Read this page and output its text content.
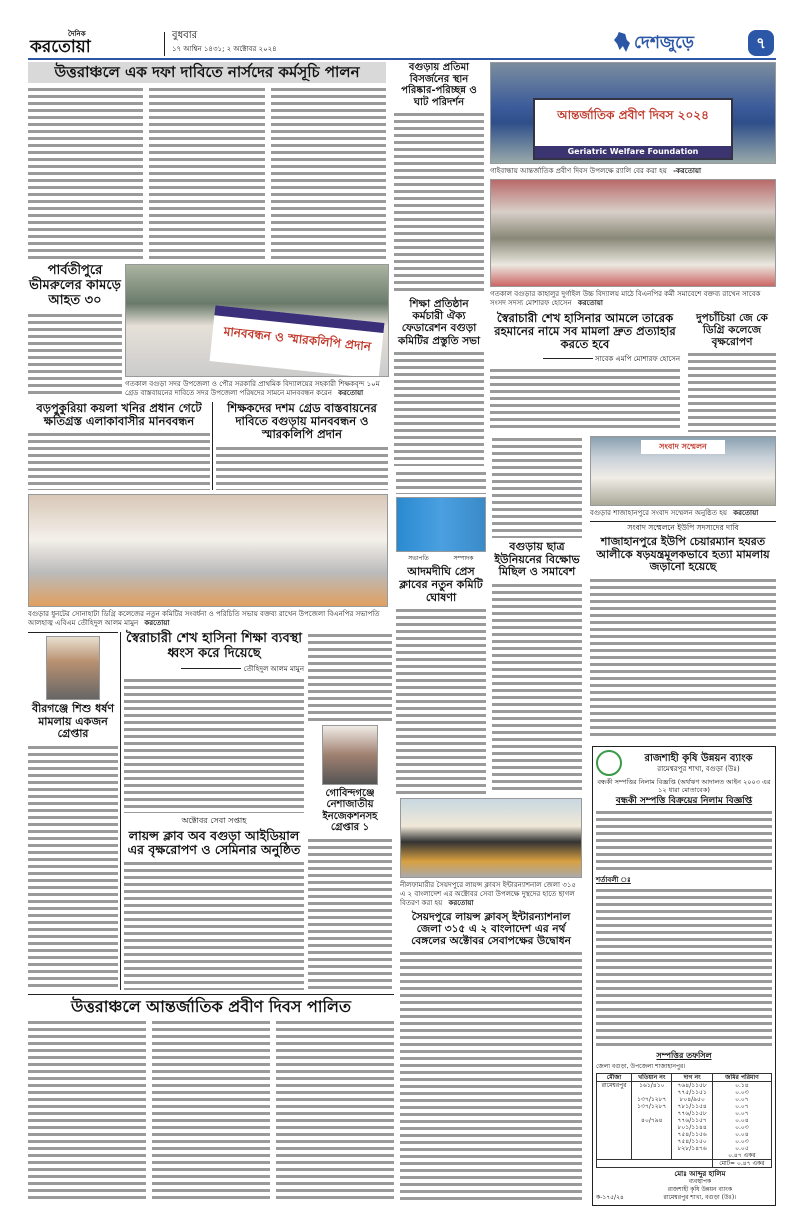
দৈনিক
করতোয়া
বুধবার
১৭ আশ্বিন ১৪৩১; ২ অক্টোবর ২০২৪	দেশজুড়ে	৭
উত্তরাঞ্চলে এক দফা দাবিতে নার্সদের কর্মসূচি পালন	বগুড়ায় প্রতিমা বিসর্জনের স্থান পরিষ্কার-পরিচ্ছন্ন ও ঘাট পরিদর্শন
শিক্ষা প্রতিষ্ঠান কর্মচারী ঐক্য ফেডারেশন বগুড়া কমিটির প্রস্তুতি সভা
আন্তর্জাতিক প্রবীণ দিবস ২০২৪
Geriatric Welfare Foundation
গাইবান্ধায় আন্তর্জাতিক প্রবীণ দিবস উপলক্ষে র‍্যালি বের করা হয় -করতোয়া
গতকাল বগুড়ার কাহালুর দুর্গাইল উচ্চ বিদ্যালয় মাঠে বিএনপির কর্মী সমাবেশে বক্তব্য রাখেন সাবেক সংসদ সদস্য মোশারফ হোসেন করতোয়া
পার্বতীপুরে ভীমরুলের কামড়ে আহত ৩০
মানববন্ধন ও স্মারকলিপি প্রদান
গতকাল বগুড়া সদর উপজেলা ও পৌর সরকারি প্রাথমিক বিদ্যালয়ের সহকারী শিক্ষকবৃন্দ ১০ম গ্রেড বাস্তবায়নের দাবিতে সদর উপজেলা পরিষদের সামনে মানববন্ধন করেন করতোয়া
স্বৈরাচারী শেখ হাসিনার আমলে তারেক রহমানের নামে সব মামলা দ্রুত প্রত্যাহার করতে হবে
সাবেক এমপি মোশারফ হোসেন
দুপচাঁচিয়া জে কে ডিগ্রি কলেজে বৃক্ষরোপণ
সংবাদ সম্মেলন
বগুড়ার শাজাহানপুরে সংবাদ সম্মেলন অনুষ্ঠিত হয় করতোয়া
সংবাদ সম্মেলনে ইউপি সদস্যদের দাবি
শাজাহানপুরে ইউপি চেয়ারম্যান হযরত আলীকে ষড়যন্ত্রমূলকভাবে হত্যা মামলায় জড়ানো হয়েছে
বড়পুকুরিয়া কয়লা খনির প্রধান গেটে ক্ষতিগ্রস্ত এলাকাবাসীর মানববন্ধন
শিক্ষকদের দশম গ্রেড বাস্তবায়নের দাবিতে বগুড়ায় মানববন্ধন ও স্মারকলিপি প্রদান
বগুড়ার ধুনটের সোনাহাটা ডিগ্রি কলেজের নতুন কমিটির সংবর্ধনা ও পরিচিতি সভায় বক্তব্য রাখেন উপজেলা বিএনপির সভাপতি আলহাজ্ব এবিএম তৌহিদুল আলম মামুন করতোয়া
সভাপতি	সম্পাদক
আদমদীঘি প্রেস ক্লাবের নতুন কমিটি ঘোষণা
বগুড়ায় ছাত্র ইউনিয়নের বিক্ষোভ মিছিল ও সমাবেশ
বীরগঞ্জে শিশু ধর্ষণ মামলায় একজন গ্রেপ্তার
স্বৈরাচারী শেখ হাসিনা শিক্ষা ব্যবস্থা ধ্বংস করে দিয়েছে
তৌহিদুল আলম মামুন
অক্টোবর সেবা সপ্তাহ
লায়ন্স ক্লাব অব বগুড়া আইডিয়াল এর বৃক্ষরোপণ ও সেমিনার অনুষ্ঠিত
গোবিন্দগঞ্জে নেশাজাতীয় ইনজেকশনসহ গ্রেপ্তার ১
নীলফামারীর সৈয়দপুরে লায়ন্স ক্লাবস ইন্টারন্যাশনাল জেলা ৩১৫ এ ২ বাংলাদেশ এর অক্টোবর সেবা উপলক্ষে দুস্থদের হাতে ছাগল বিতরণ করা হয় করতোয়া
সৈয়দপুরে লায়ন্স ক্লাবস্ ইন্টারন্যাশনাল জেলা ৩১৫ এ ২ বাংলাদেশ এর নর্থ বেঙ্গলের অক্টোবর সেবাপক্ষের উদ্বোধন
উত্তরাঞ্চলে আন্তর্জাতিক প্রবীণ দিবস পালিত
রাজশাহী কৃষি উন্নয়ন ব্যাংক
রামেশ্বরপুর শাখা, বগুড়া (উঃ)
বন্ধকী সম্পত্তির নিলাম বিজ্ঞপ্তি (অর্থঋণ আদালত আইন ২০০৩ এর ১২ ধারা মোতাবেক)
বন্ধকী সম্পত্তি বিক্রয়ের নিলাম বিজ্ঞপ্তি
শর্তাবলী ঃ
সম্পত্তির তফসিল
জেলা বগুড়া, উপজেলা শাজাহানপুর।
মৌজা	খতিয়ান নং	দাগ নং	জমির পরিমাণ
রামেশ্বরপুর	১৬১/৪১০	৭৬৪/১১৫৮	০.১৪
		৭৭৫/১১৫১	০.০৩
	১৩৭/১২৮৭	৮০৪/৯৫০	০.০৭
	১৩৭/১২৮৭	৭৮১/১১৫৪	০.০৭
		৭৭৬/১১৫৮	০.০৭
	৪০/৭৯৪	৭৭৬/১১৫৭	০.০৪
		৮০১/১১৪৪	০.০৩
		৭৫৪/১১৫৬	০.০৪
		৭৫৪/১১৫০	০.০৩
		৮২৮/১৪৭৬	০.০৫
			০.৪৭ একর
			মোট= ০.৪৭ একর
ক-১৭৫/২৪
মোঃ আব্দুর হালিম
ব্যবস্থাপক
রাজশাহী কৃষি উন্নয়ন ব্যাংক
রামেশ্বরপুর শাখা, বগুড়া (উঃ)।
